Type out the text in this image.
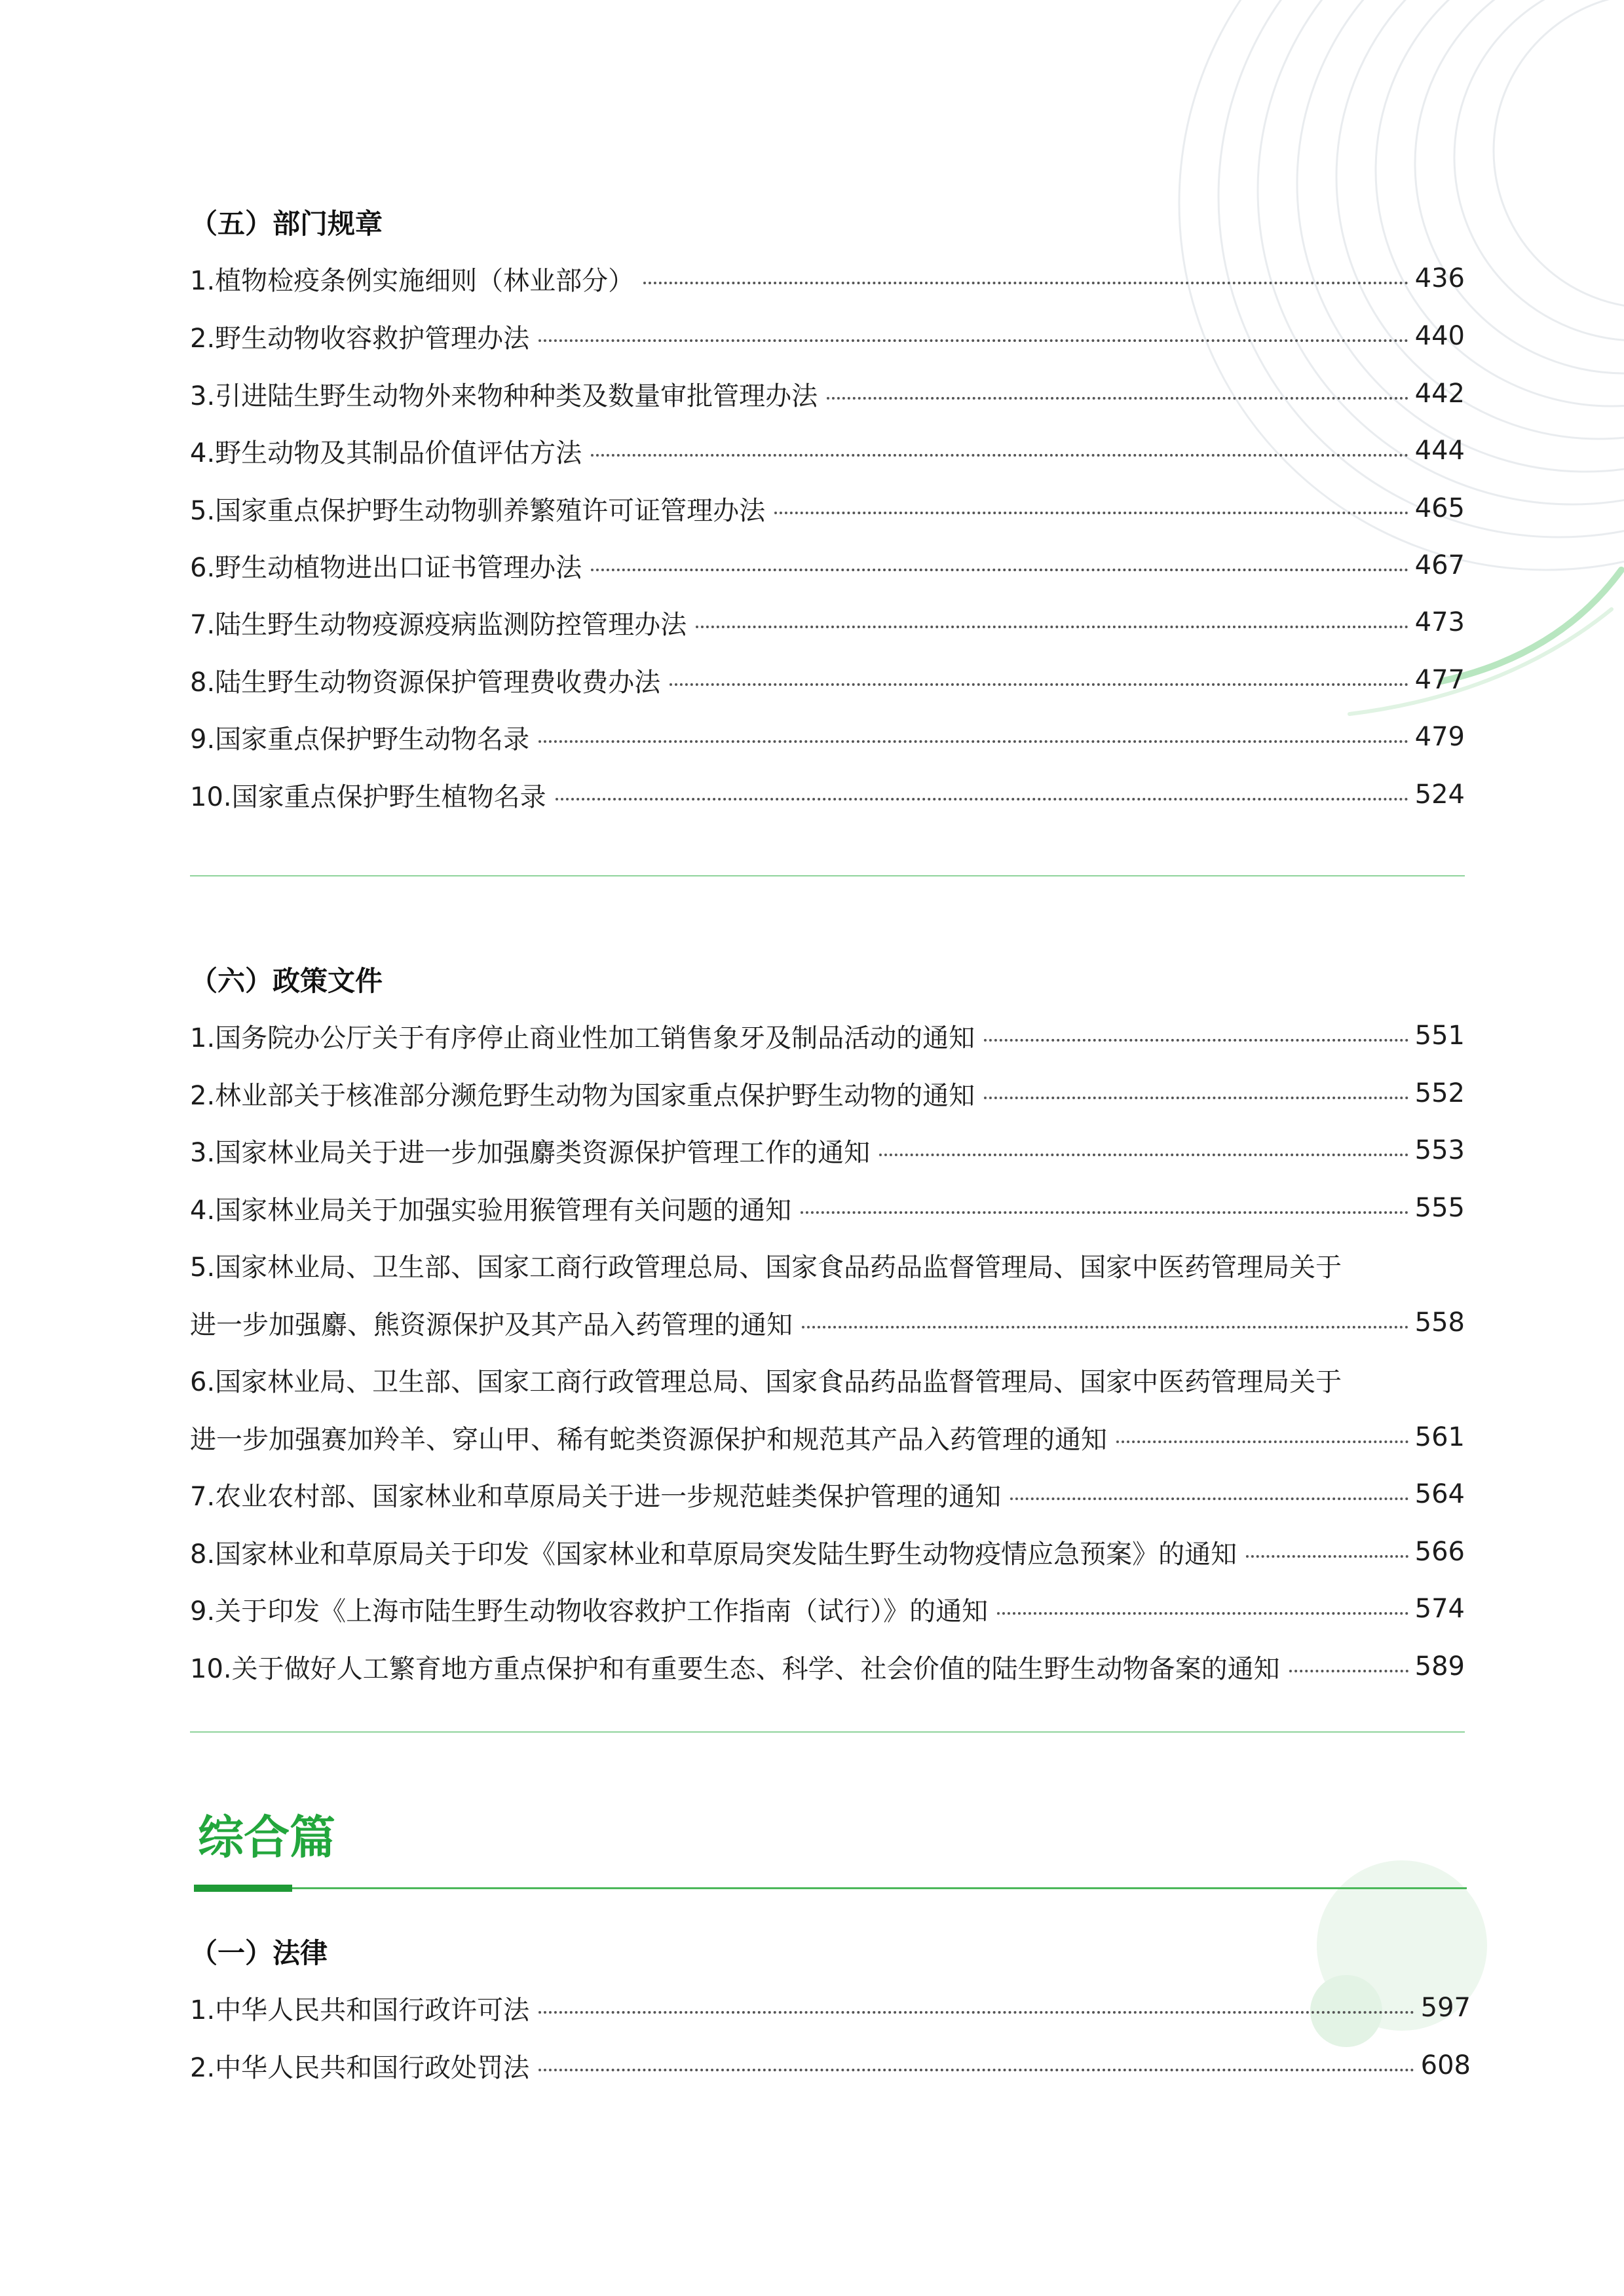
（五）部门规章
1.植物检疫条例实施细则（林业部分）	436
2.野生动物收容救护管理办法	440
3.引进陆生野生动物外来物种种类及数量审批管理办法	442
4.野生动物及其制品价值评估方法	444
5.国家重点保护野生动物驯养繁殖许可证管理办法	465
6.野生动植物进出口证书管理办法	467
7.陆生野生动物疫源疫病监测防控管理办法	473
8.陆生野生动物资源保护管理费收费办法	477
9.国家重点保护野生动物名录	479
10.国家重点保护野生植物名录	524
（六）政策文件
1.国务院办公厅关于有序停止商业性加工销售象牙及制品活动的通知	551
2.林业部关于核准部分濒危野生动物为国家重点保护野生动物的通知	552
3.国家林业局关于进一步加强麝类资源保护管理工作的通知	553
4.国家林业局关于加强实验用猴管理有关问题的通知	555
5.国家林业局、卫生部、国家工商行政管理总局、国家食品药品监督管理局、国家中医药管理局关于
进一步加强麝、熊资源保护及其产品入药管理的通知	558
6.国家林业局、卫生部、国家工商行政管理总局、国家食品药品监督管理局、国家中医药管理局关于
进一步加强赛加羚羊、穿山甲、稀有蛇类资源保护和规范其产品入药管理的通知	561
7.农业农村部、国家林业和草原局关于进一步规范蛙类保护管理的通知	564
8.国家林业和草原局关于印发《国家林业和草原局突发陆生野生动物疫情应急预案》的通知	566
9.关于印发《上海市陆生野生动物收容救护工作指南（试行）》的通知	574
10.关于做好人工繁育地方重点保护和有重要生态、科学、社会价值的陆生野生动物备案的通知	589
综合篇
（一）法律
1.中华人民共和国行政许可法	597
2.中华人民共和国行政处罚法	608
